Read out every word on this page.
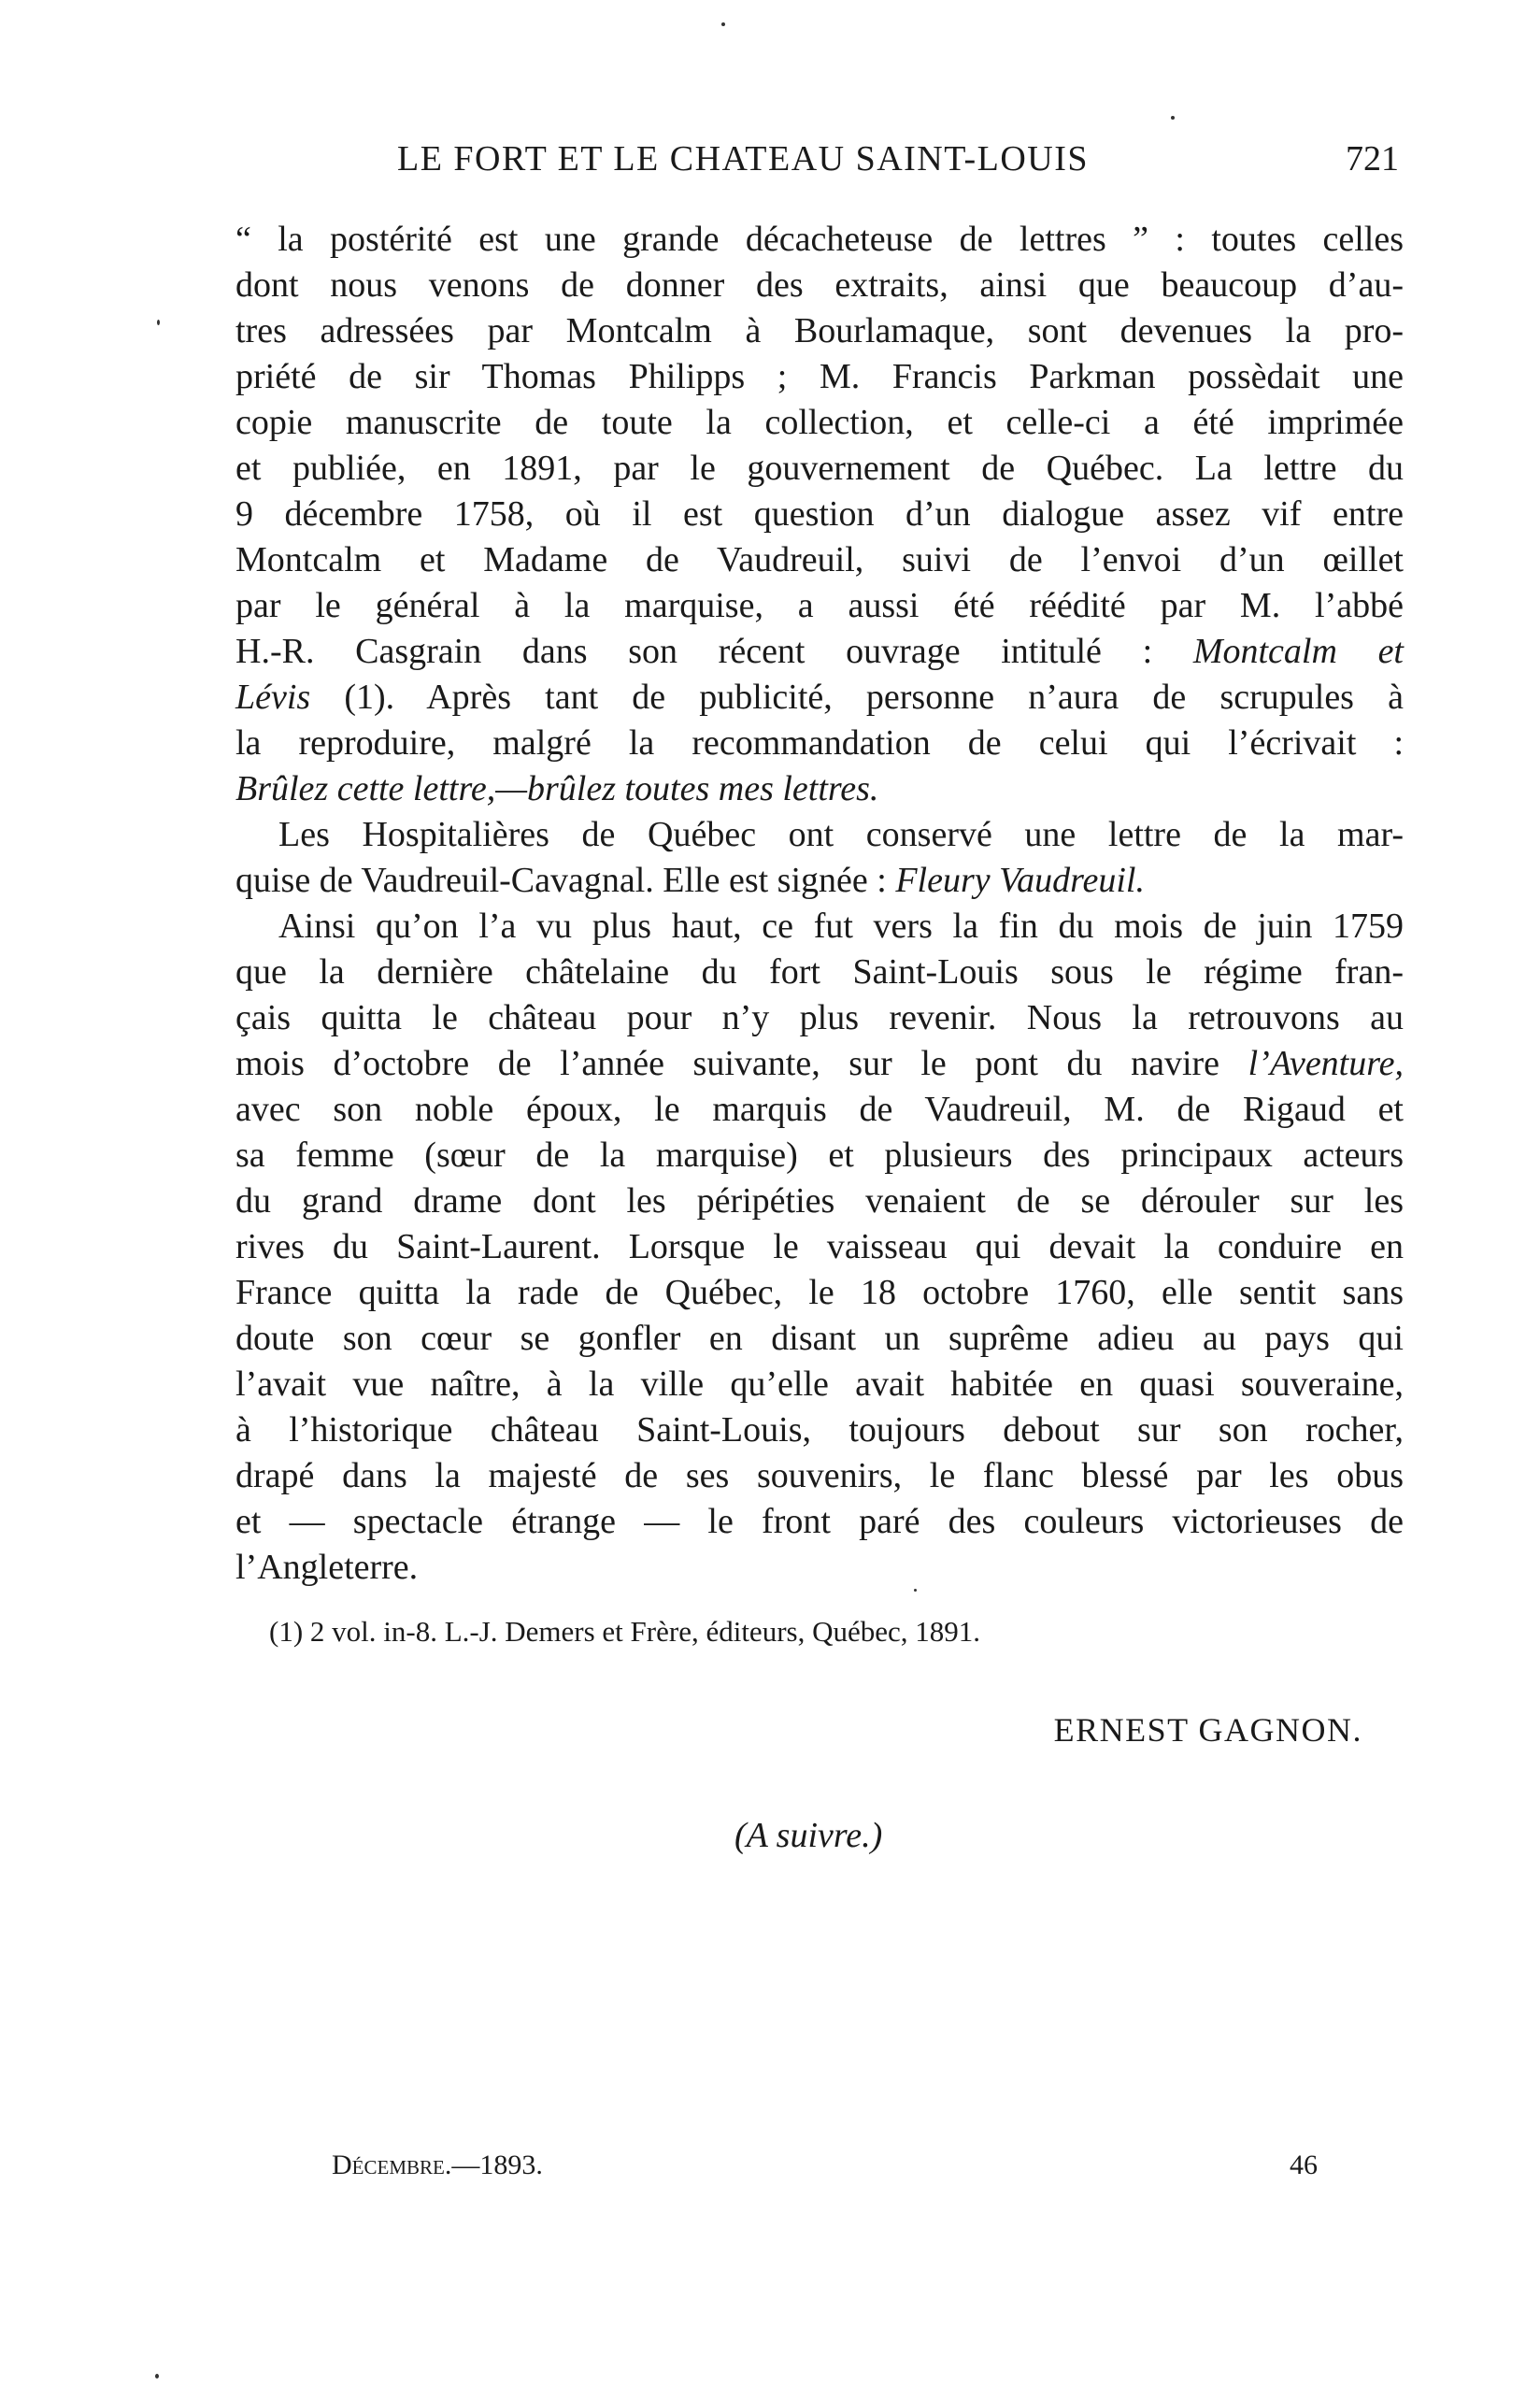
LE FORT ET LE CHATEAU SAINT-LOUIS	721
“ la postérité est une grande décacheteuse de lettres ” : toutes celles
dont nous venons de donner des extraits, ainsi que beaucoup d’au-
tres adressées par Montcalm à Bourlamaque, sont devenues la pro-
priété de sir Thomas Philipps ; M. Francis Parkman possèdait une
copie manuscrite de toute la collection, et celle-ci a été imprimée
et publiée, en 1891, par le gouvernement de Québec. La lettre du
9 décembre 1758, où il est question d’un dialogue assez vif entre
Montcalm et Madame de Vaudreuil, suivi de l’envoi d’un œillet
par le général à la marquise, a aussi été réédité par M. l’abbé
H.-R. Casgrain dans son récent ouvrage intitulé : Montcalm et
Lévis (1). Après tant de publicité, personne n’aura de scrupules à
la reproduire, malgré la recommandation de celui qui l’écrivait :
Brûlez cette lettre,—brûlez toutes mes lettres.
Les Hospitalières de Québec ont conservé une lettre de la mar-
quise de Vaudreuil-Cavagnal. Elle est signée : Fleury Vaudreuil.
Ainsi qu’on l’a vu plus haut, ce fut vers la fin du mois de juin 1759
que la dernière châtelaine du fort Saint-Louis sous le régime fran-
çais quitta le château pour n’y plus revenir. Nous la retrouvons au
mois d’octobre de l’année suivante, sur le pont du navire l’Aventure,
avec son noble époux, le marquis de Vaudreuil, M. de Rigaud et
sa femme (sœur de la marquise) et plusieurs des principaux acteurs
du grand drame dont les péripéties venaient de se dérouler sur les
rives du Saint-Laurent. Lorsque le vaisseau qui devait la conduire en
France quitta la rade de Québec, le 18 octobre 1760, elle sentit sans
doute son cœur se gonfler en disant un suprême adieu au pays qui
l’avait vue naître, à la ville qu’elle avait habitée en quasi souveraine,
à l’historique château Saint-Louis, toujours debout sur son rocher,
drapé dans la majesté de ses souvenirs, le flanc blessé par les obus
et — spectacle étrange — le front paré des couleurs victorieuses de
l’Angleterre.
(1) 2 vol. in-8. L.-J. Demers et Frère, éditeurs, Québec, 1891.
ERNEST GAGNON.
(A suivre.)
Décembre.—1893.	46
